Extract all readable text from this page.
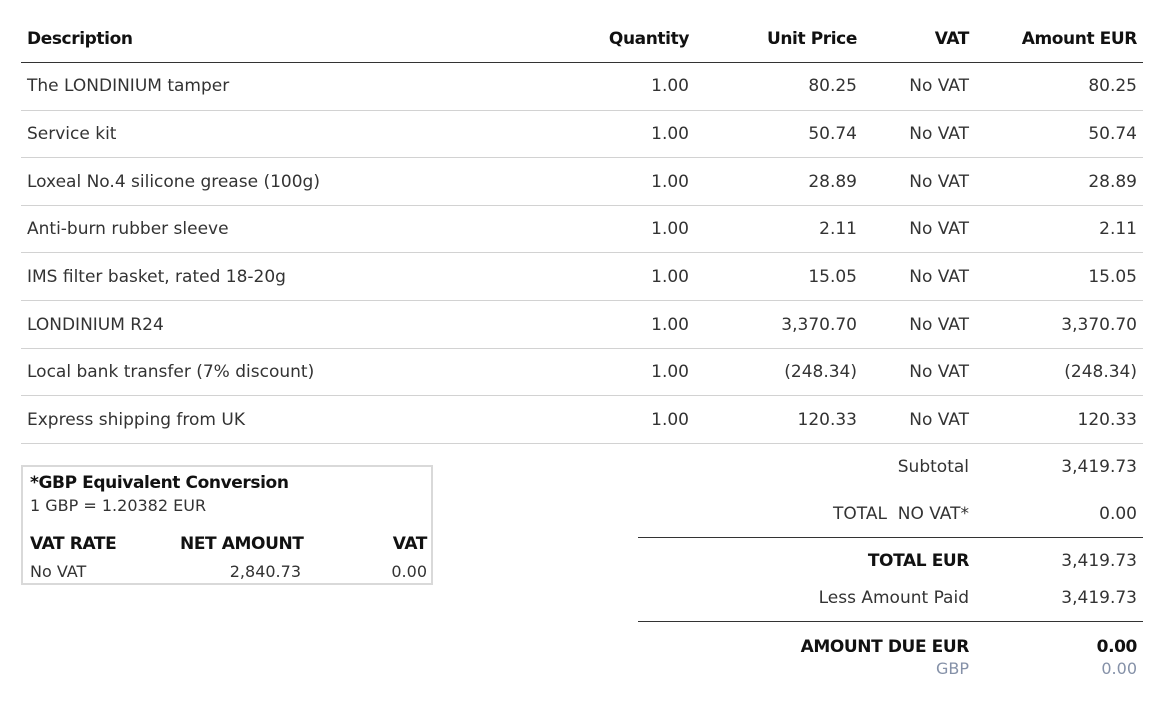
Description	Quantity	Unit Price	VAT	Amount EUR
The LONDINIUM tamper	1.00	80.25	No VAT	80.25
Service kit	1.00	50.74	No VAT	50.74
Loxeal No.4 silicone grease (100g)	1.00	28.89	No VAT	28.89
Anti-burn rubber sleeve	1.00	2.11	No VAT	2.11
IMS filter basket, rated 18-20g	1.00	15.05	No VAT	15.05
LONDINIUM R24	1.00	3,370.70	No VAT	3,370.70
Local bank transfer (7% discount)	1.00	(248.34)	No VAT	(248.34)
Express shipping from UK	1.00	120.33	No VAT	120.33
*GBP Equivalent Conversion
1 GBP = 1.20382 EUR
VAT RATE	NET AMOUNT	VAT
No VAT	2,840.73	0.00
Subtotal	3,419.73
TOTAL  NO VAT*	0.00
TOTAL EUR	3,419.73
Less Amount Paid	3,419.73
AMOUNT DUE EUR	0.00
GBP	0.00
